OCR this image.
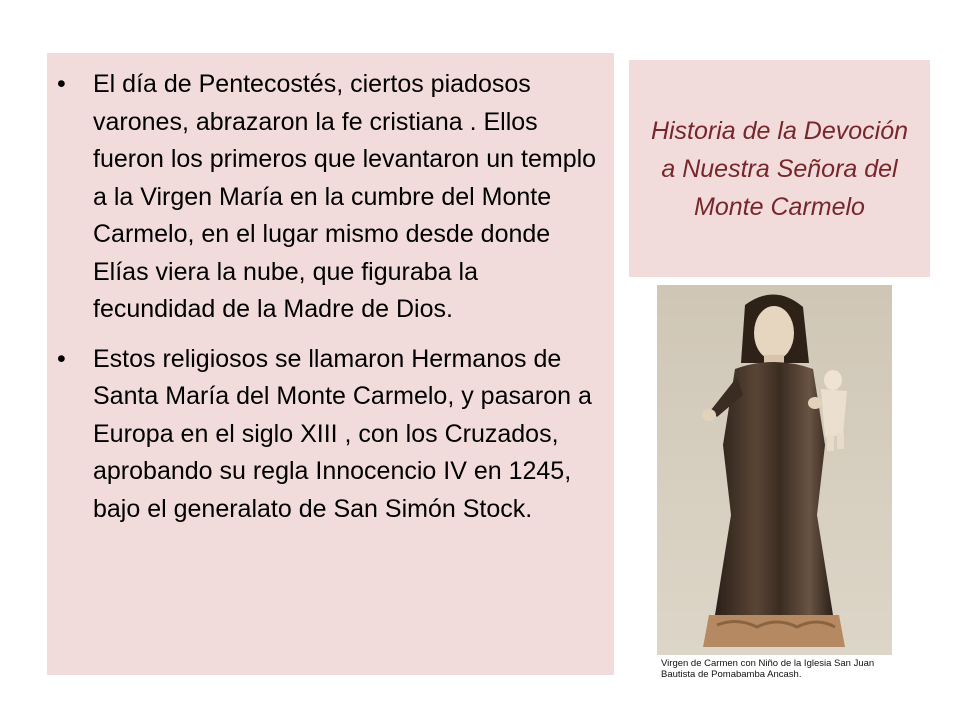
• El día de Pentecostés, ciertos piadosos varones, abrazaron la fe cristiana . Ellos fueron los primeros que levantaron un templo a la Virgen María en la cumbre del Monte Carmelo, en el lugar mismo desde donde Elías viera la nube, que figuraba la fecundidad de la Madre de Dios.
• Estos religiosos se llamaron Hermanos de Santa María del Monte Carmelo, y pasaron a Europa en el siglo XIII , con los Cruzados, aprobando su regla Innocencio IV en 1245, bajo el generalato de San Simón Stock.
Historia de la Devoción a Nuestra Señora del Monte Carmelo
Virgen de Carmen con Niño de la Iglesia San Juan Bautista de Pomabamba Ancash.
